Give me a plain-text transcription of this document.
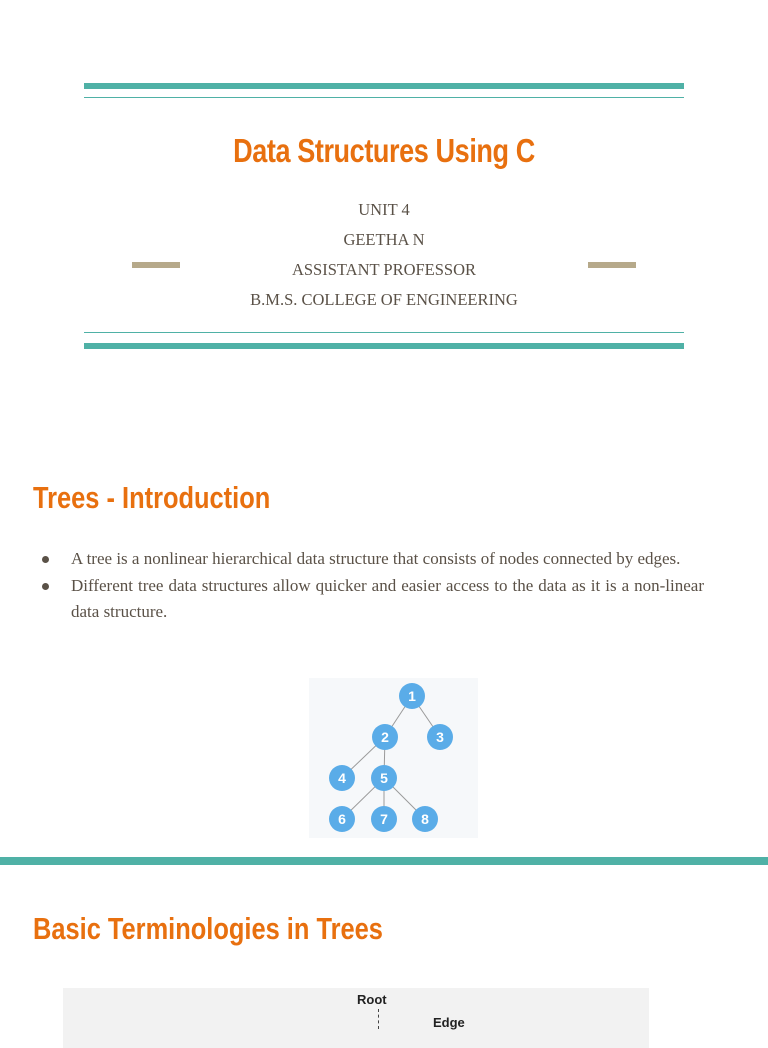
Data Structures Using C
UNIT 4
GEETHA N
ASSISTANT PROFESSOR
B.M.S. COLLEGE OF ENGINEERING
Trees - Introduction
A tree is a nonlinear hierarchical data structure that consists of nodes connected by edges.
Different tree data structures allow quicker and easier access to the data as it is a non-linear data structure.
1
2	3
4 5
6 7 8
Basic Terminologies in Trees
Root
Edge
